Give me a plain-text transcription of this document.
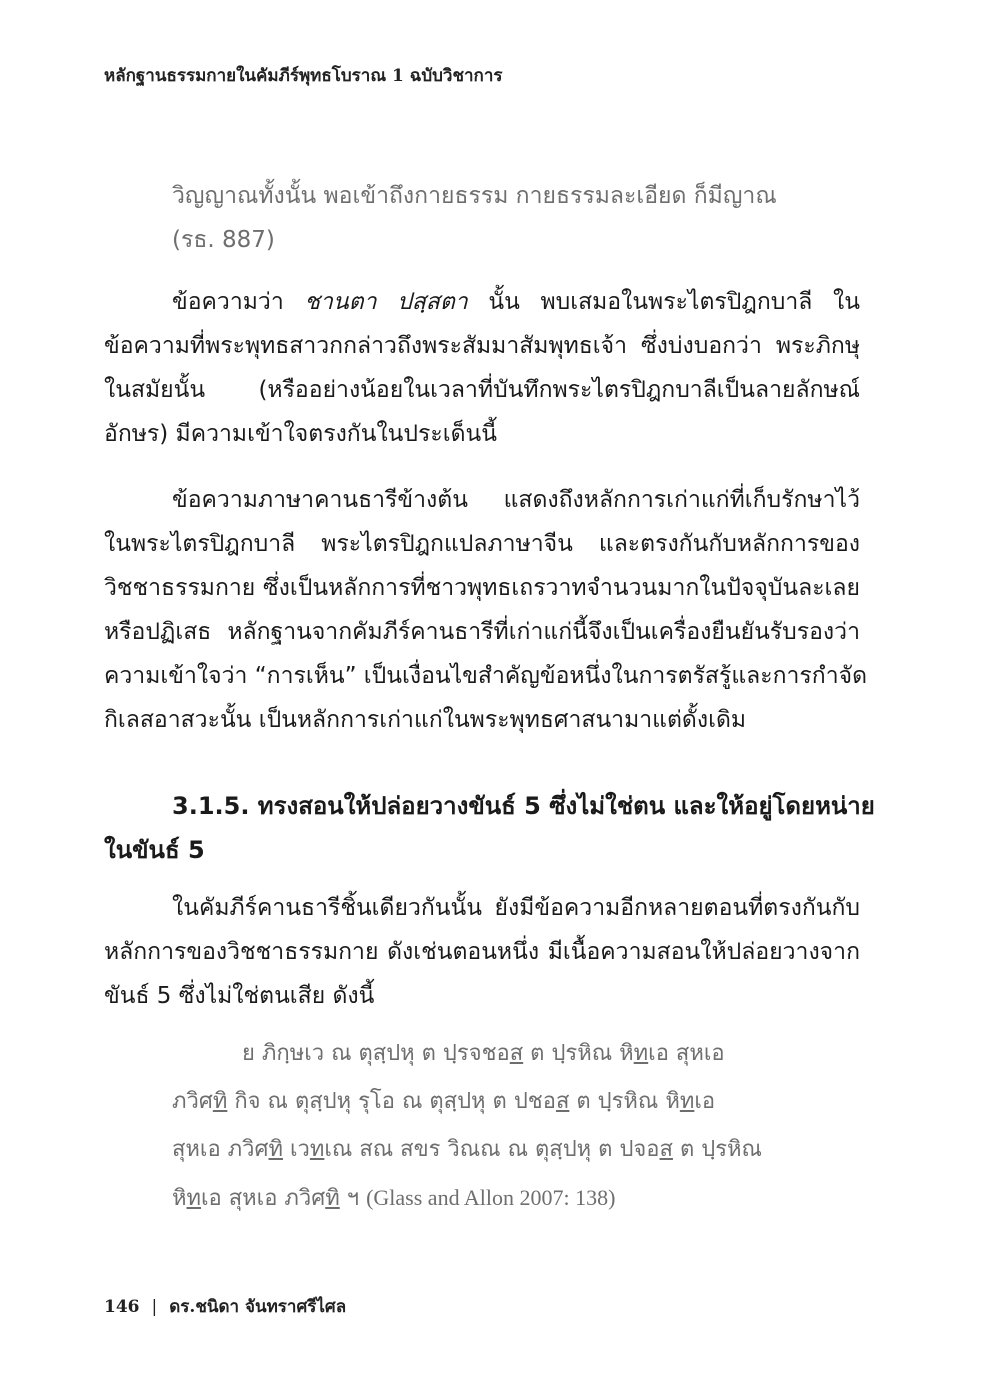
หลักฐานธรรมกายในคัมภีร์พุทธโบราณ 1 ฉบับวิชาการ

วิญญาณทั้งนั้น พอเข้าถึงกายธรรม กายธรรมละเอียด ก็มีญาณ

(รธ. 887)

ข้อความว่า ชานตา ปสฺสตา นั้น พบเสมอในพระไตรปิฎกบาลี ใน

ข้อความที่พระพุทธสาวกกล่าวถึงพระสัมมาสัมพุทธเจ้า ซึ่งบ่งบอกว่า พระภิกษุ

ในสมัยนั้น (หรืออย่างน้อยในเวลาที่บันทึกพระไตรปิฎกบาลีเป็นลายลักษณ์

อักษร) มีความเข้าใจตรงกันในประเด็นนี้

ข้อความภาษาคานธารีข้างต้น แสดงถึงหลักการเก่าแก่ที่เก็บรักษาไว้

ในพระไตรปิฎกบาลี พระไตรปิฎกแปลภาษาจีน และตรงกันกับหลักการของ

วิชชาธรรมกาย ซึ่งเป็นหลักการที่ชาวพุทธเถรวาทจำนวนมากในปัจจุบันละเลย

หรือปฏิเสธ หลักฐานจากคัมภีร์คานธารีที่เก่าแก่นี้จึงเป็นเครื่องยืนยันรับรองว่า

ความเข้าใจว่า “การเห็น” เป็นเงื่อนไขสำคัญข้อหนึ่งในการตรัสรู้และการกำจัด

กิเลสอาสวะนั้น เป็นหลักการเก่าแก่ในพระพุทธศาสนามาแต่ดั้งเดิม

3.1.5. ทรงสอนให้ปล่อยวางขันธ์ 5 ซึ่งไม่ใช่ตน และให้อยู่โดยหน่าย

ในขันธ์ 5

ในคัมภีร์คานธารีชิ้นเดียวกันนั้น ยังมีข้อความอีกหลายตอนที่ตรงกันกับ

หลักการของวิชชาธรรมกาย ดังเช่นตอนหนึ่ง มีเนื้อความสอนให้ปล่อยวางจาก

ขันธ์ 5 ซึ่งไม่ใช่ตนเสีย ดังนี้

ย ภิกฺษเว ณ ตุสฺปหุ ต ปฺรจชอส ต ปฺรหิณ หิทเอ สุหเอ

ภวิศทิ กิจ ณ ตุสฺปหุ รุโอ ณ ตุสฺปหุ ต ปชอส ต ปฺรหิณ หิทเอ

สุหเอ ภวิศทิ เวทเณ สณ สขร วิณณ ณ ตุสฺปหุ ต ปจอส ต ปฺรหิณ

หิทเอ สุหเอ ภวิศทิ ฯ (Glass and Allon 2007: 138)

146 | ดร.ชนิดา จันทราศรีไศล
